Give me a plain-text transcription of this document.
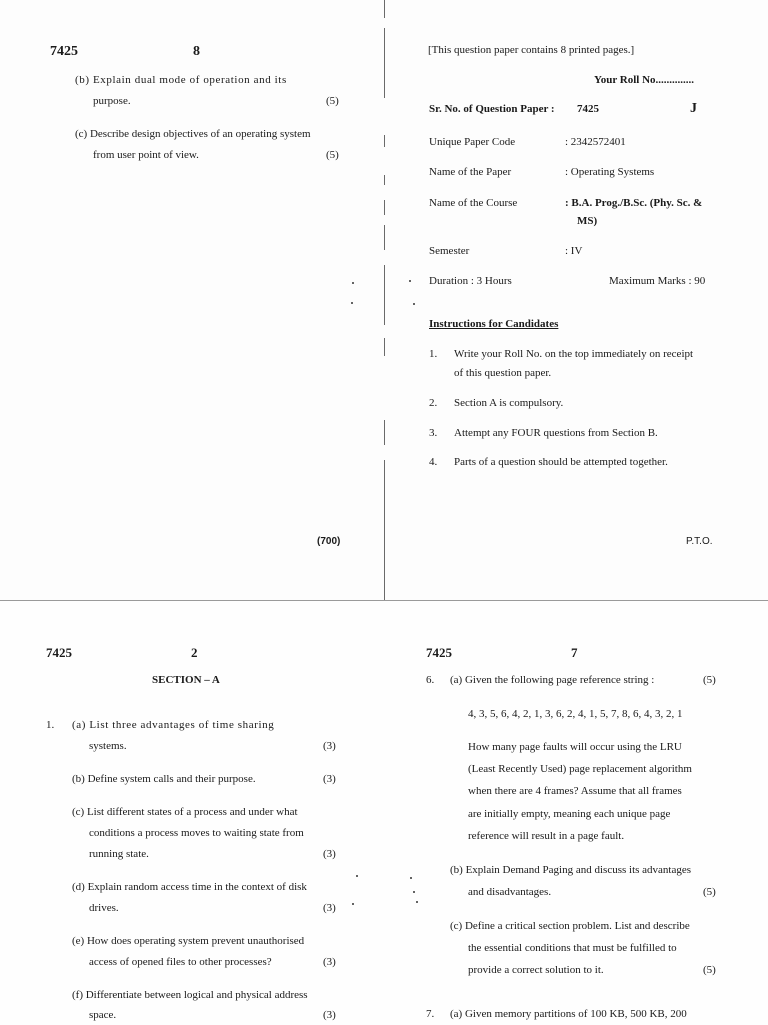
7425	8
(b) Explain dual mode of operation and its
purpose.	(5)
(c) Describe design objectives of an operating system
from user point of view.	(5)
(700)
[This question paper contains 8 printed pages.]
Your Roll No..............
Sr. No. of Question Paper : 7425	J
Unique Paper Code	: 2342572401
Name of the Paper	: Operating Systems
Name of the Course	: B.A. Prog./B.Sc. (Phy. Sc. &
MS)
Semester	: IV
Duration : 3 Hours	Maximum Marks : 90
Instructions for Candidates
1. Write your Roll No. on the top immediately on receipt
of this question paper.
2. Section A is compulsory.
3. Attempt any FOUR questions from Section B.
4. Parts of a question should be attempted together.
P.T.O.
7425	2
SECTION – A
1. (a) List three advantages of time sharing
systems.	(3)
(b) Define system calls and their purpose.	(3)
(c) List different states of a process and under what
conditions a process moves to waiting state from
running state.	(3)
(d) Explain random access time in the context of disk
drives.	(3)
(e) How does operating system prevent unauthorised
access of opened files to other processes?	(3)
(f) Differentiate between logical and physical address
space.	(3)
7425	7
6. (a) Given the following page reference string :	(5)
4, 3, 5, 6, 4, 2, 1, 3, 6, 2, 4, 1, 5, 7, 8, 6, 4, 3, 2, 1
How many page faults will occur using the LRU
(Least Recently Used) page replacement algorithm
when there are 4 frames? Assume that all frames
are initially empty, meaning each unique page
reference will result in a page fault.
(b) Explain Demand Paging and discuss its advantages
and disadvantages.	(5)
(c) Define a critical section problem. List and describe
the essential conditions that must be fulfilled to
provide a correct solution to it.	(5)
7. (a) Given memory partitions of 100 KB, 500 KB, 200
